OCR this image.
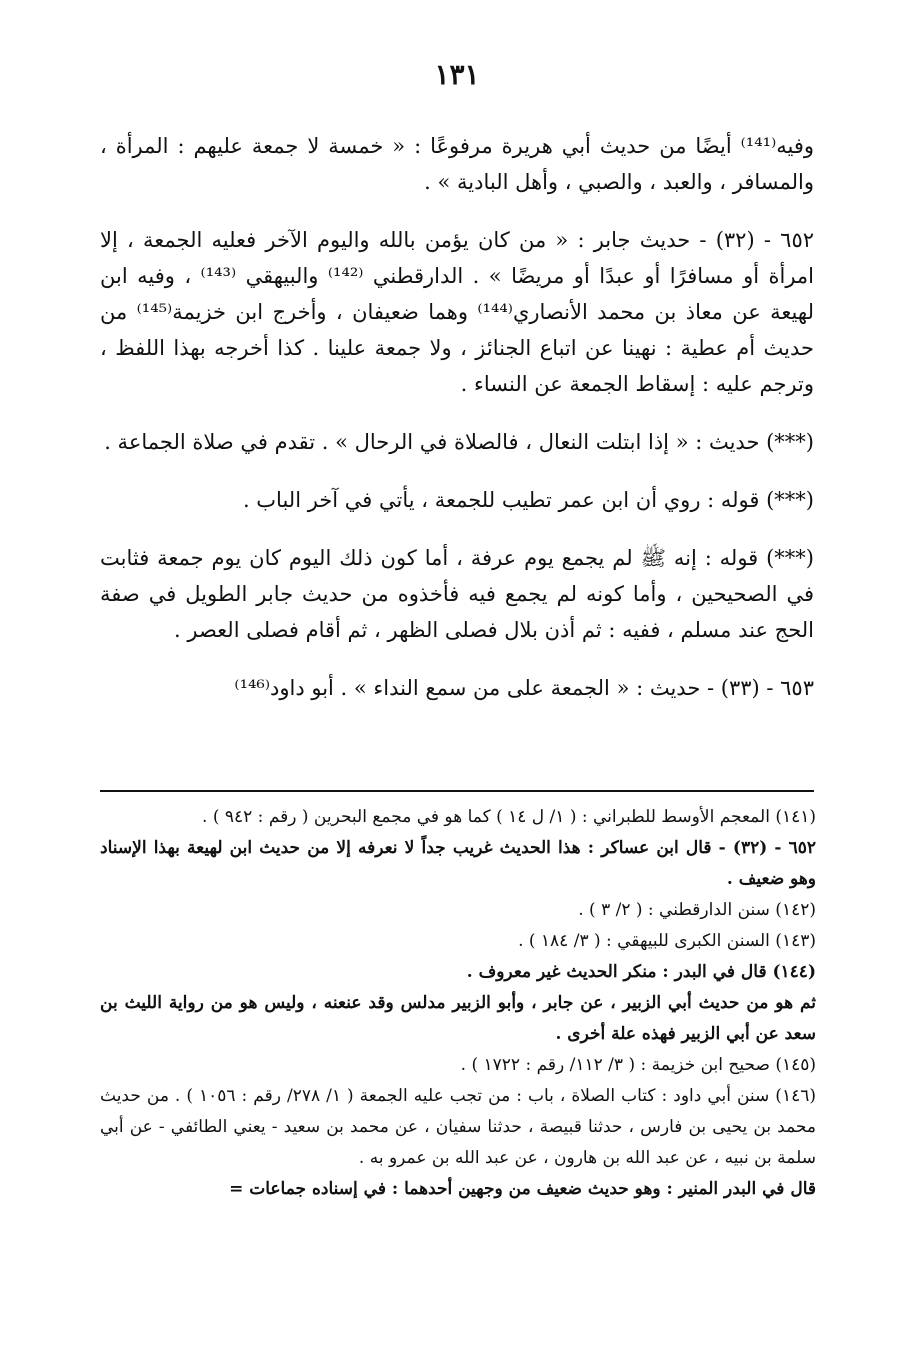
١٣١

وفيه⁽¹⁴¹⁾ أيضًا من حديث أبي هريرة مرفوعًا : « خمسة لا جمعة عليهم : المرأة ، والمسافر ، والعبد ، والصبي ، وأهل البادية » .

٦٥٢ - (٣٢) - حديث جابر : « من كان يؤمن بالله واليوم الآخر فعليه الجمعة ، إلا امرأة أو مسافرًا أو عبدًا أو مريضًا » . الدارقطني ⁽¹⁴²⁾ والبيهقي ⁽¹⁴³⁾ ، وفيه ابن لهيعة عن معاذ بن محمد الأنصاري⁽¹⁴⁴⁾ وهما ضعيفان ، وأخرج ابن خزيمة⁽¹⁴⁵⁾ من حديث أم عطية : نهينا عن اتباع الجنائز ، ولا جمعة علينا . كذا أخرجه بهذا اللفظ ، وترجم عليه : إسقاط الجمعة عن النساء .

(***) حديث : « إذا ابتلت النعال ، فالصلاة في الرحال » . تقدم في صلاة الجماعة .

(***) قوله : روي أن ابن عمر تطيب للجمعة ، يأتي في آخر الباب .

(***) قوله : إنه ﷺ لم يجمع يوم عرفة ، أما كون ذلك اليوم كان يوم جمعة فثابت في الصحيحين ، وأما كونه لم يجمع فيه فأخذوه من حديث جابر الطويل في صفة الحج عند مسلم ، ففيه : ثم أذن بلال فصلى الظهر ، ثم أقام فصلى العصر .

٦٥٣ - (٣٣) - حديث : « الجمعة على من سمع النداء » . أبو داود⁽¹⁴⁶⁾

(١٤١) المعجم الأوسط للطبراني : ( ١/ ل ١٤ ) كما هو في مجمع البحرين ( رقم : ٩٤٢ ) .

٦٥٢ - (٣٢) - قال ابن عساكر : هذا الحديث غريب جداً لا نعرفه إلا من حديث ابن لهيعة بهذا الإسناد وهو ضعيف .

(١٤٢) سنن الدارقطني : ( ٢/ ٣ ) .

(١٤٣) السنن الكبرى للبيهقي : ( ٣/ ١٨٤ ) .

(١٤٤) قال في البدر : منكر الحديث غير معروف .

ثم هو من حديث أبي الزبير ، عن جابر ، وأبو الزبير مدلس وقد عنعنه ، وليس هو من رواية الليث بن سعد عن أبي الزبير فهذه علة أخرى .

(١٤٥) صحيح ابن خزيمة : ( ٣/ ١١٢/ رقم : ١٧٢٢ ) .

(١٤٦) سنن أبي داود : كتاب الصلاة ، باب : من تجب عليه الجمعة ( ١/ ٢٧٨/ رقم : ١٠٥٦ ) . من حديث محمد بن يحيى بن فارس ، حدثنا قبيصة ، حدثنا سفيان ، عن محمد بن سعيد - يعني الطائفي - عن أبي سلمة بن نبيه ، عن عبد الله بن هارون ، عن عبد الله بن عمرو به .

قال في البدر المنير : وهو حديث ضعيف من وجهين أحدهما : في إسناده جماعات =
